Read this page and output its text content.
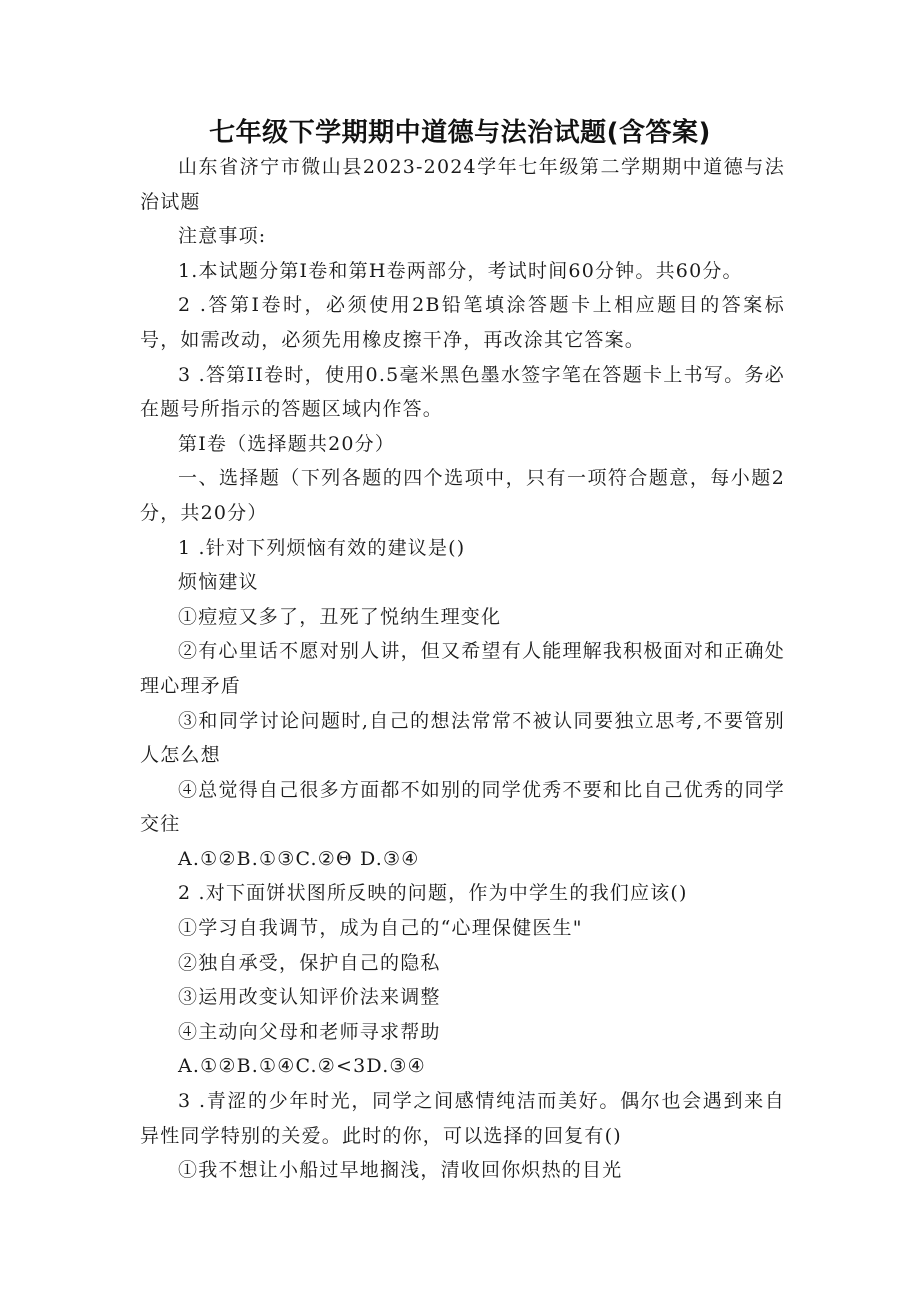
七年级下学期期中道德与法治试题(含答案)

山东省济宁市微山县2023-2024学年七年级第二学期期中道德与法治试题

注意事项:

1.本试题分第I卷和第H卷两部分，考试时间60分钟。共60分。

2 .答第I卷时，必须使用2B铅笔填涂答题卡上相应题目的答案标号，如需改动，必须先用橡皮擦干净，再改涂其它答案。

3 .答第II卷时，使用0.5毫米黑色墨水签字笔在答题卡上书写。务必在题号所指示的答题区域内作答。

第I卷（选择题共20分）

一、选择题（下列各题的四个选项中，只有一项符合题意，每小题2分，共20分）

1 .针对下列烦恼有效的建议是()

烦恼建议

①痘痘又多了，丑死了悦纳生理变化

②有心里话不愿对别人讲，但又希望有人能理解我积极面对和正确处理心理矛盾

③和同学讨论问题时,自己的想法常常不被认同要独立思考,不要管别人怎么想

④总觉得自己很多方面都不如别的同学优秀不要和比自己优秀的同学交往

A.①②B.①③C.②Θ D.③④

2 .对下面饼状图所反映的问题，作为中学生的我们应该()

①学习自我调节，成为自己的“心理保健医生"

②独自承受，保护自己的隐私

③运用改变认知评价法来调整

④主动向父母和老师寻求帮助

A.①②B.①④C.②<3D.③④

3 .青涩的少年时光，同学之间感情纯洁而美好。偶尔也会遇到来自异性同学特别的关爱。此时的你，可以选择的回复有()

①我不想让小船过早地搁浅，清收回你炽热的目光
